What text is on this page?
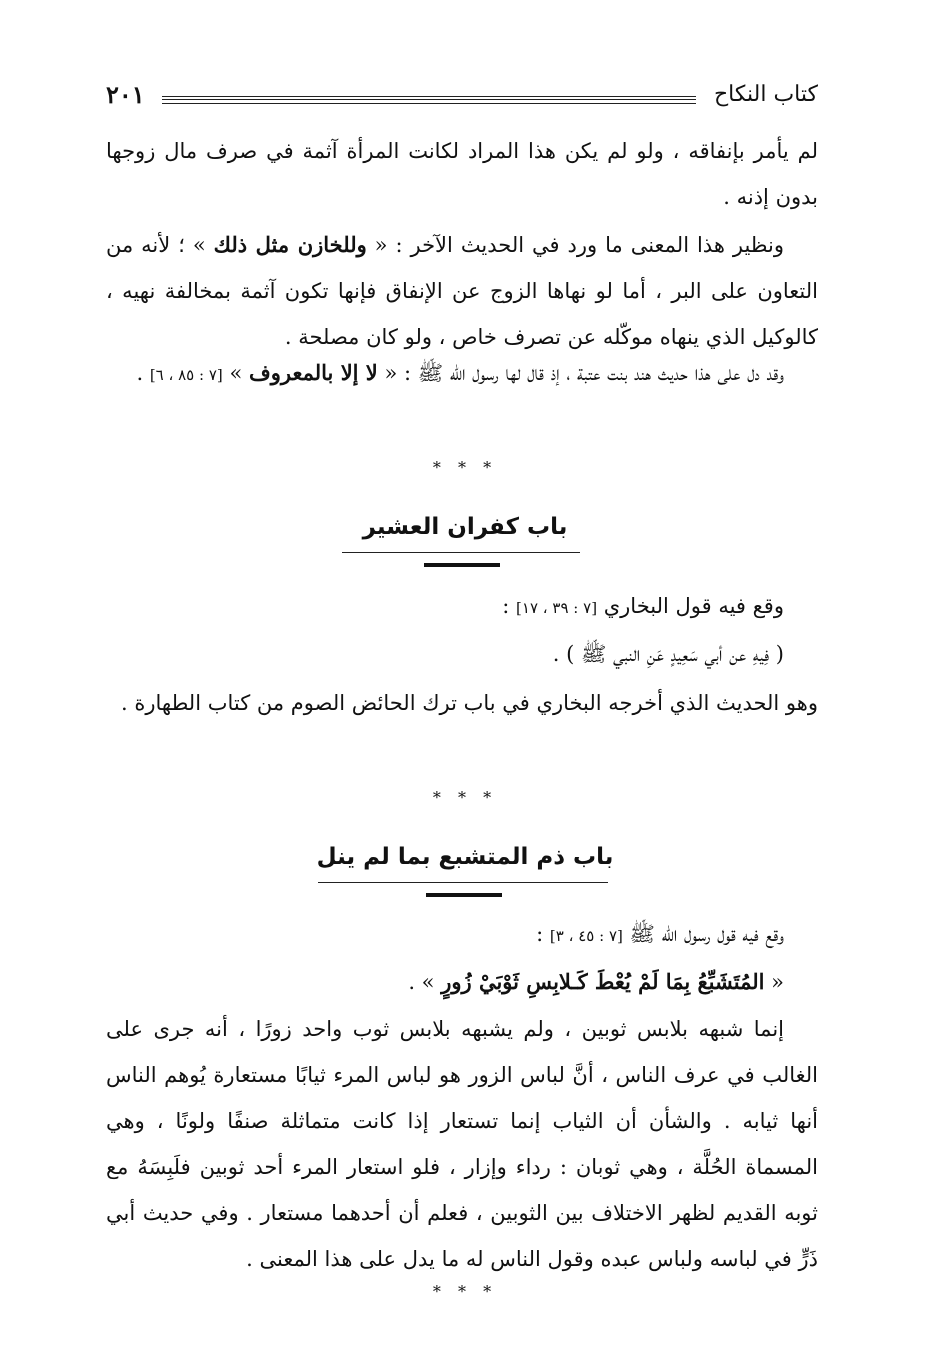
كتاب النكاح
٢٠١

لم يأمر بإنفاقه ، ولو لم يكن هذا المراد لكانت المرأة آثمة في صرف مال زوجها بدون إذنه .

ونظير هذا المعنى ما ورد في الحديث الآخر : « وللخازن مثل ذلك » ؛ لأنه من التعاون على البر ، أما لو نهاها الزوج عن الإنفاق فإنها تكون آثمة بمخالفة نهيه ، كالوكيل الذي ينهاه موكّله عن تصرف خاص ، ولو كان مصلحة .

وقد دل على هذا حديث هند بنت عتبة ، إذ قال لها رسول اللّه ﷺ : « لا إلا بالمعروف » [٧ : ٨٥ ، ٦] .

* * *
باب كفران العشير

وقع فيه قول البخاري [٧ : ٣٩ ، ١٧] :

( فِيهِ عن أبي سَعِيدٍ عَنِ النبي ﷺ ) .

وهو الحديث الذي أخرجه البخاري في باب ترك الحائض الصوم من كتاب الطهارة .

* * *
باب ذم المتشبع بما لم ينل

وقع فيه قول رسول اللّه ﷺ [٧ : ٤٥ ، ٣] :

« المُتَشَبِّعُ بِمَا لَمْ يُعْطَ كَـلابِسِ ثَوْبَيْ زُورٍ » .

إنما شبهه بلابس ثوبين ، ولم يشبهه بلابس ثوب واحد زورًا ، أنه جرى على الغالب في عرف الناس ، أنَّ لباس الزور هو لباس المرء ثيابًا مستعارة يُوهم الناس أنها ثيابه . والشأن أن الثياب إنما تستعار إذا كانت متماثلة صنفًا ولونًا ، وهي المسماة الحُلَّة ، وهي ثوبان : رداء وإزار ، فلو استعار المرء أحد ثوبين فلَبِسَهُ مع ثوبه القديم لظهر الاختلاف بين الثوبين ، فعلم أن أحدهما مستعار . وفي حديث أبي ذَرٍّ في لباسه ولباس عبده وقول الناس له ما يدل على هذا المعنى .

* * *
